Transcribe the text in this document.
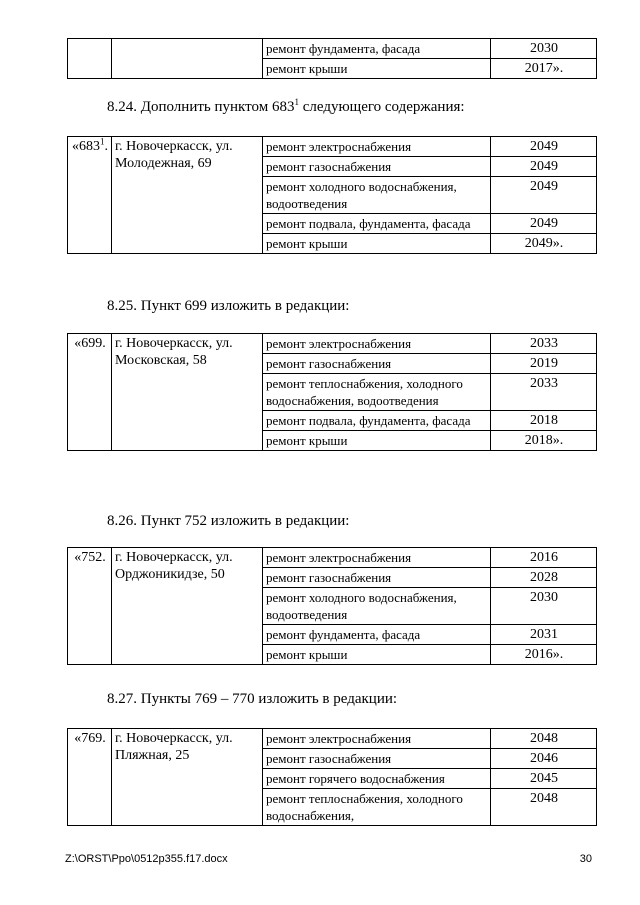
		ремонт фундамента, фасада	2030
		ремонт крыши	2017».

8.24. Дополнить пунктом $683^1$ следующего содержания:

«$683^1$.	г. Новочеркасск, ул. Молодежная, 69	ремонт электроснабжения	2049
		ремонт газоснабжения	2049
		ремонт холодного водоснабжения, водоотведения	2049
		ремонт подвала, фундамента, фасада	2049
		ремонт крыши	2049».

8.25. Пункт 699 изложить в редакции:

«699.	г. Новочеркасск, ул. Московская, 58	ремонт электроснабжения	2033
		ремонт газоснабжения	2019
		ремонт теплоснабжения, холодного водоснабжения, водоотведения	2033
		ремонт подвала, фундамента, фасада	2018
		ремонт крыши	2018».

8.26. Пункт 752 изложить в редакции:

«752.	г. Новочеркасск, ул. Орджоникидзе, 50	ремонт электроснабжения	2016
		ремонт газоснабжения	2028
		ремонт холодного водоснабжения, водоотведения	2030
		ремонт фундамента, фасада	2031
		ремонт крыши	2016».

8.27. Пункты 769 – 770 изложить в редакции:

«769.	г. Новочеркасск, ул. Пляжная, 25	ремонт электроснабжения	2048
		ремонт газоснабжения	2046
		ремонт горячего водоснабжения	2045
		ремонт теплоснабжения, холодного водоснабжения,	2048
Z:\ORST\Ppo\0512p355.f17.docx	30
